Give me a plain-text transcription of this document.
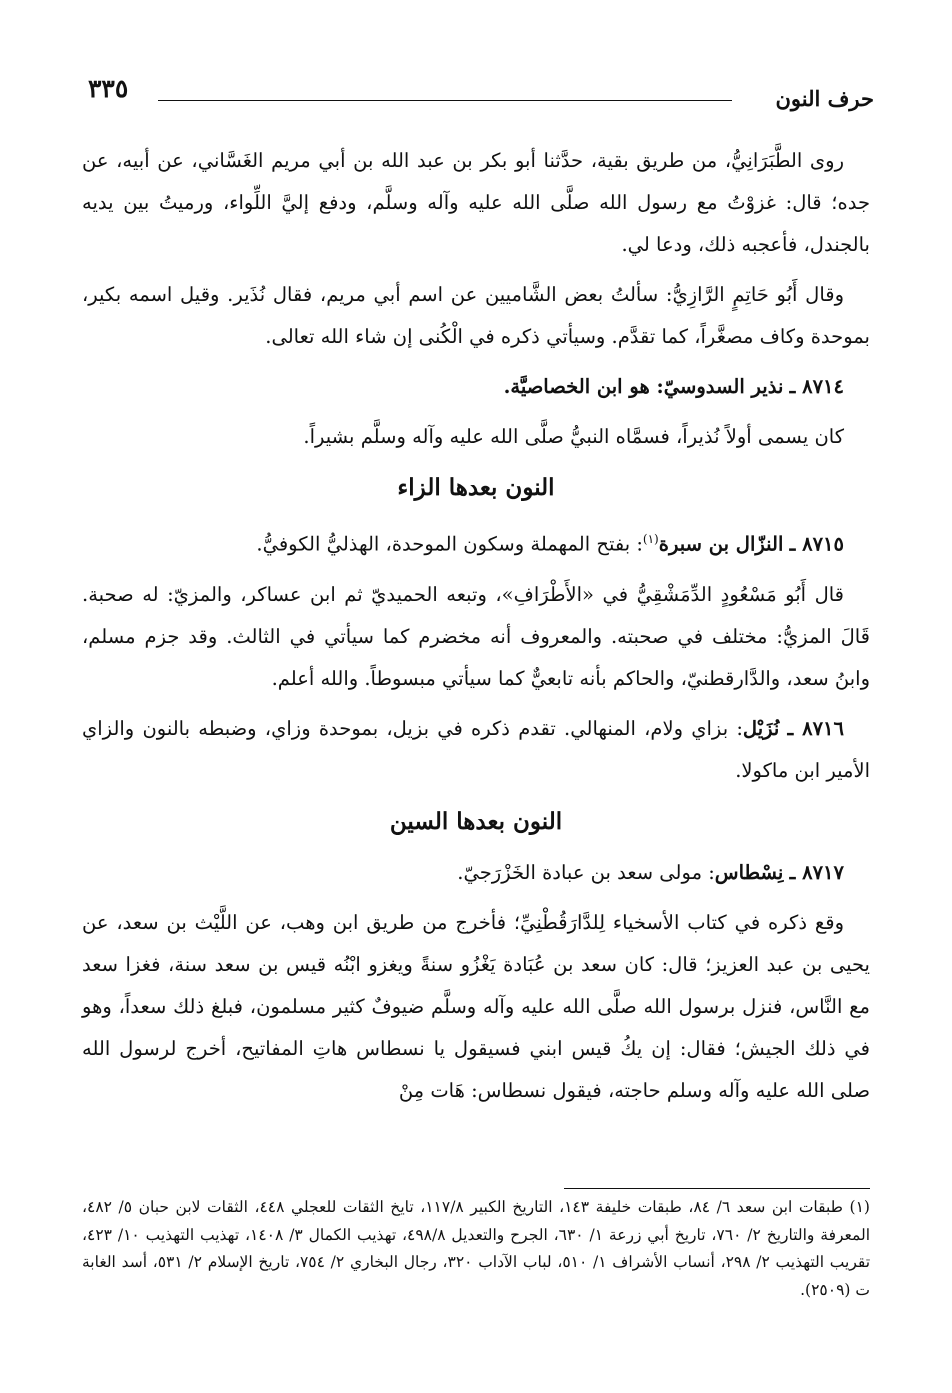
حرف النون
٣٣٥

روى الطَّبَرَانِيُّ، من طريق بقية، حدَّثنا أبو بكر بن عبد الله بن أبي مريم الغَسَّاني، عن أبيه، عن جده؛ قال: غزوْتُ مع رسول الله صلَّى الله عليه وآله وسلَّم، ودفع إليَّ اللِّواء، ورميتُ بين يديه بالجندل، فأعجبه ذلك، ودعا لي.

وقال أَبُو حَاتِمٍ الرَّازِيُّ: سألتُ بعض الشَّاميين عن اسم أبي مريم، فقال نُذَير. وقيل اسمه بكير، بموحدة وكاف مصغَّراً، كما تقدَّم. وسيأتي ذكره في الْكُنى إن شاء الله تعالى.

٨٧١٤ ـ نذير السدوسيّ: هو ابن الخصاصيَّة.

كان يسمى أولاً نُذيراً، فسمَّاه النبيُّ صلَّى الله عليه وآله وسلَّم بشيراً.

النون بعدها الزاء

٨٧١٥ ـ النزّال بن سبرة$^{(١)}$: بفتح المهملة وسكون الموحدة، الهذليُّ الكوفيُّ.

قال أَبُو مَسْعُودٍ الدِّمَشْقِيُّ في «الأَطْرَافِ»، وتبعه الحميديّ ثم ابن عساكر، والمزيّ: له صحبة. قَالَ المزيُّ: مختلف في صحبته. والمعروف أنه مخضرم كما سيأتي في الثالث. وقد جزم مسلم، وابنُ سعد، والدَّارقطنيّ، والحاكم بأنه تابعيٌّ كما سيأتي مبسوطاً. والله أعلم.

٨٧١٦ ـ نُزَيْل: بزاي ولام، المنهالي. تقدم ذكره في بزيل، بموحدة وزاي، وضبطه بالنون والزاي الأمير ابن ماكولا.

النون بعدها السين

٨٧١٧ ـ نِسْطاس: مولى سعد بن عبادة الخَزْرَجيّ.

وقع ذكره في كتاب الأسخياء لِلدَّارَقُطْنِيِّ؛ فأخرج من طريق ابن وهب، عن اللَّيْث بن سعد، عن يحيى بن عبد العزيز؛ قال: كان سعد بن عُبَادة يَغْزُو سنةً ويغزو ابْنُه قيس بن سعد سنة، فغزا سعد مع النَّاس، فنزل برسول الله صلَّى الله عليه وآله وسلَّم ضيوفٌ كثير مسلمون، فبلغ ذلك سعداً، وهو في ذلك الجيش؛ فقال: إن يكُ قيس ابني فسيقول يا نسطاس هاتِ المفاتيح، أخرج لرسول الله صلى الله عليه وآله وسلم حاجته، فيقول نسطاس: هَات مِنْ

(١) طبقات ابن سعد ٦/ ٨٤، طبقات خليفة ١٤٣، التاريخ الكبير ١١٧/٨، تايخ الثقات للعجلي ٤٤٨، الثقات لابن حبان ٥/ ٤٨٢، المعرفة والتاريخ ٢/ ٧٦٠، تاريخ أبي زرعة ١/ ٦٣٠، الجرح والتعديل ٤٩٨/٨، تهذيب الكمال ٣/ ١٤٠٨، تهذيب التهذيب ١٠/ ٤٢٣، تقريب التهذيب ٢/ ٢٩٨، أنساب الأشراف ١/ ٥١٠، لباب الآداب ٣٢٠، رجال البخاري ٢/ ٧٥٤، تاريخ الإسلام ٢/ ٥٣١، أسد الغابة ت (٢٥٠٩).
